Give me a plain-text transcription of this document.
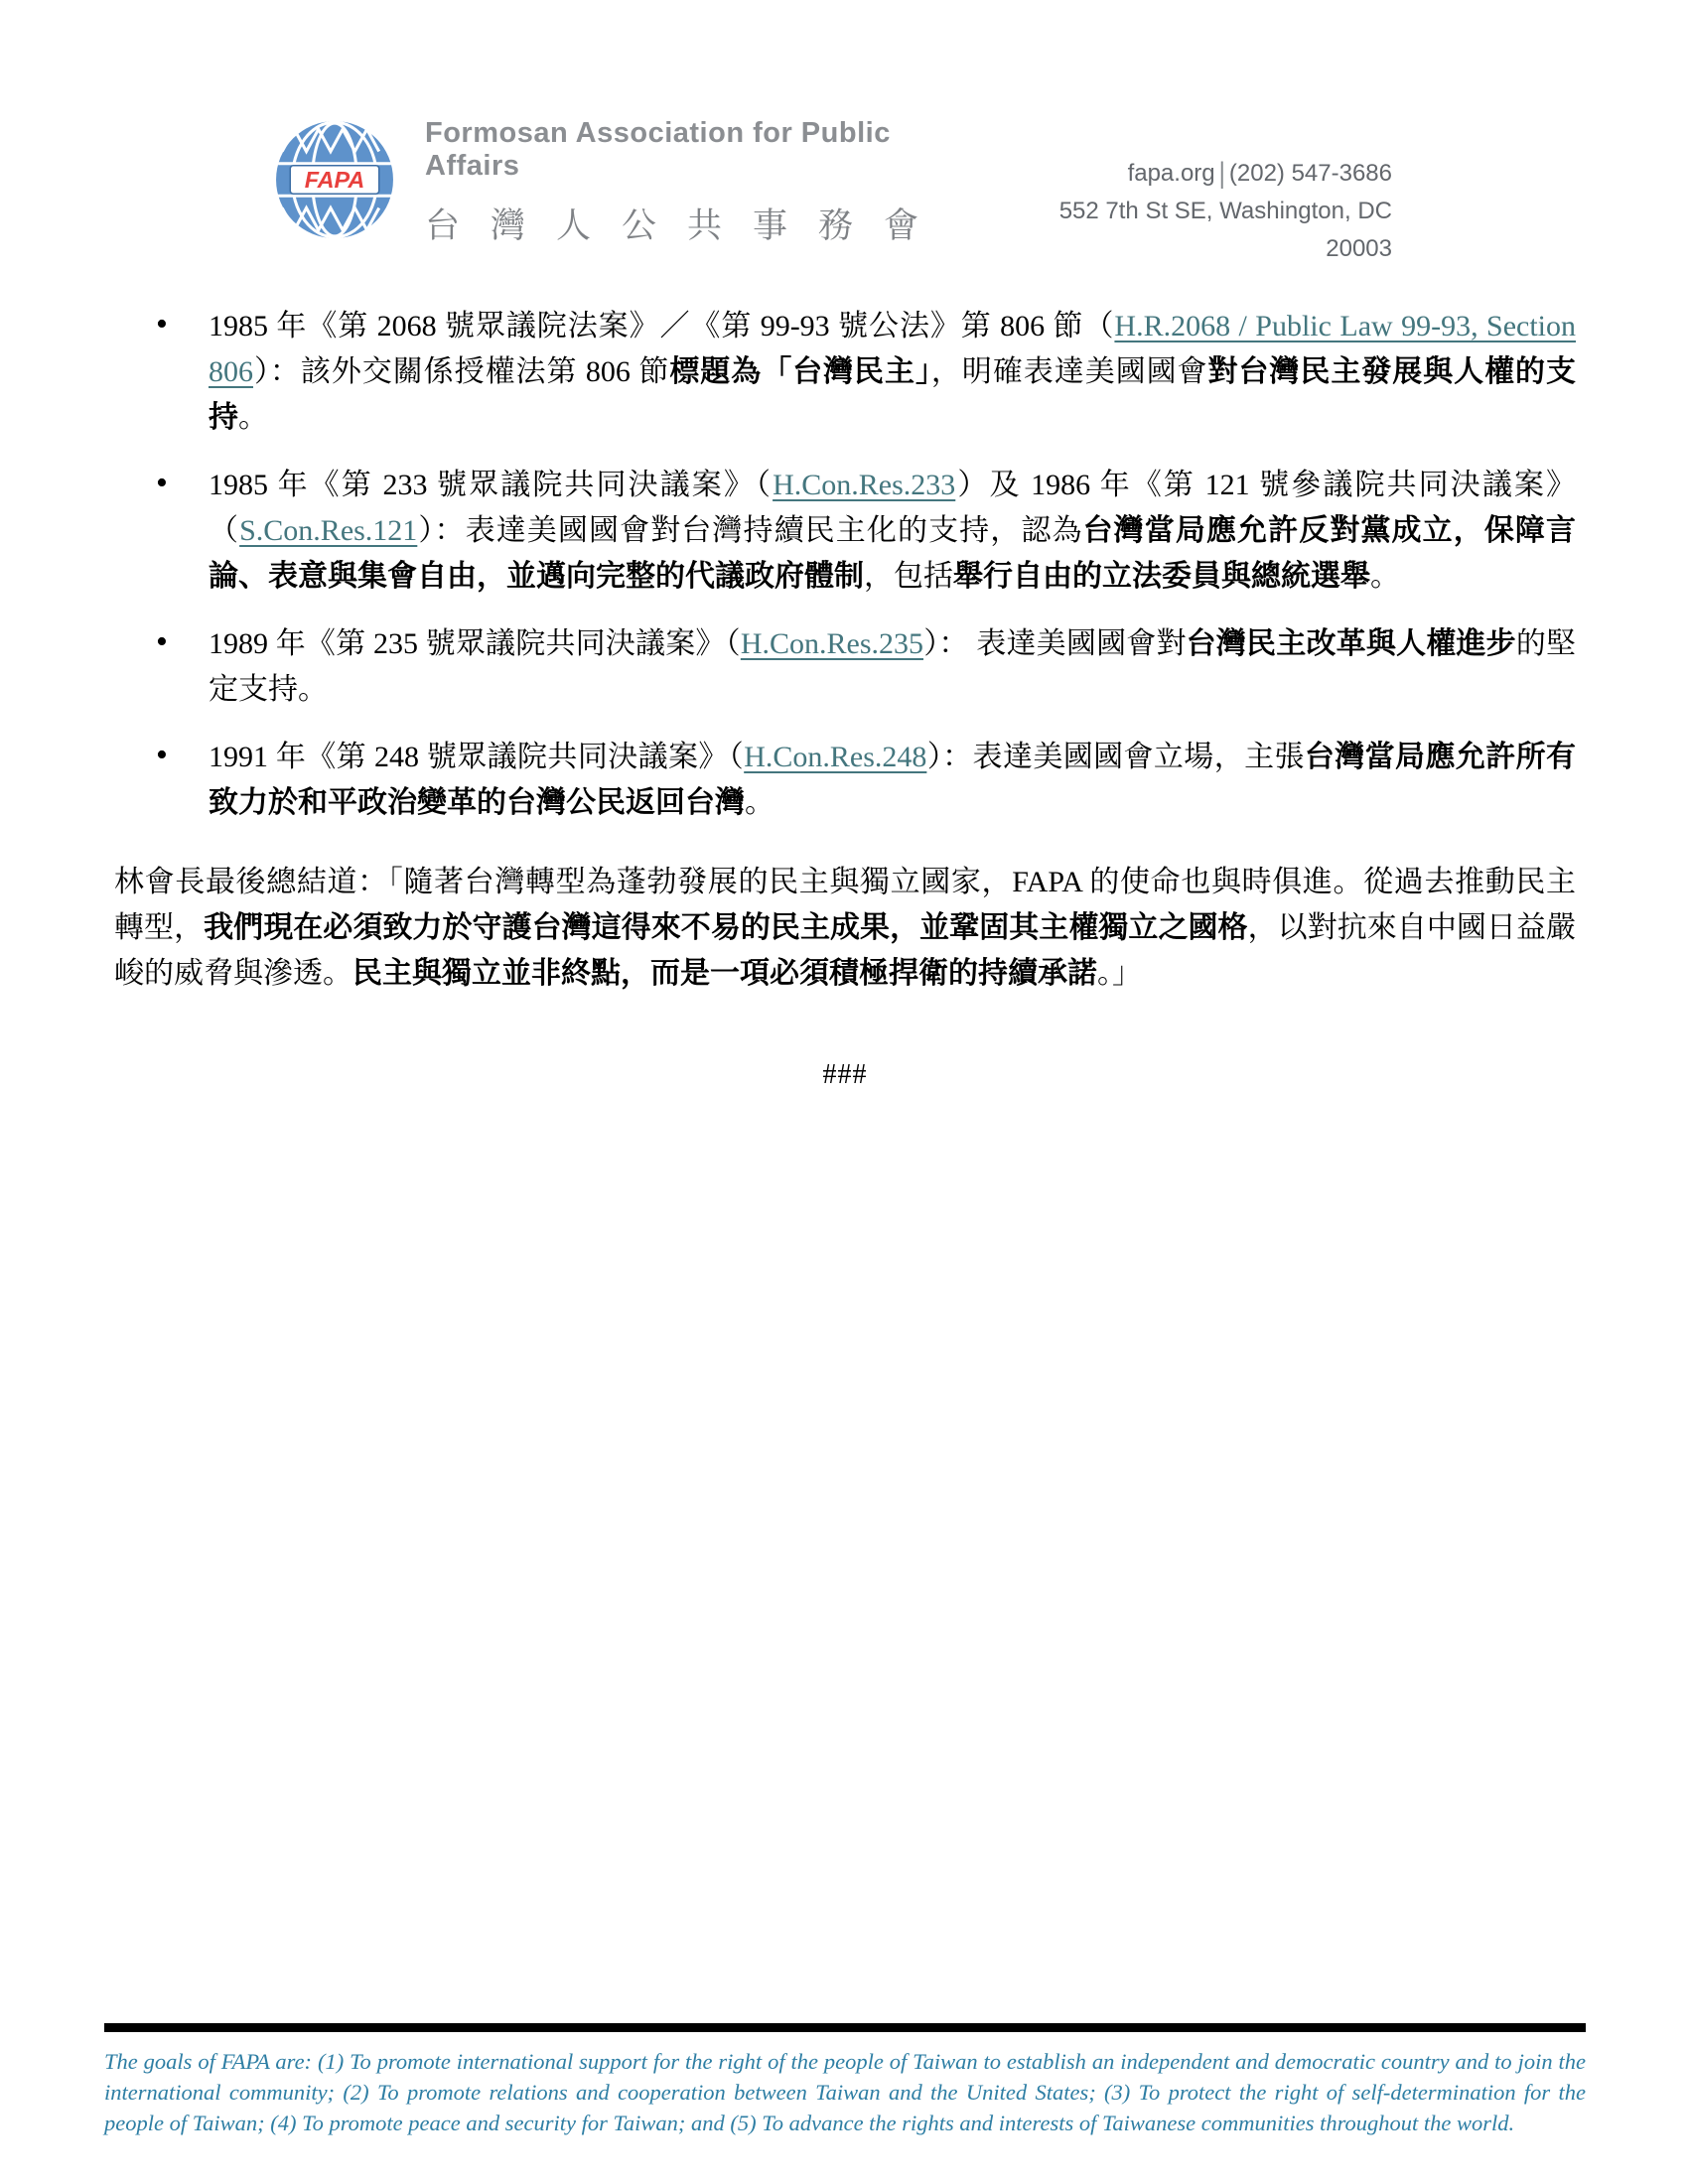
FAPA
Formosan Association for Public Affairs
台灣人公共事務會
fapa.org | (202) 547-3686
552 7th St SE, Washington, DC 20003
• 1985 年《第 2068 號眾議院法案》／《第 99-93 號公法》第 806 節（H.R.2068 / Public Law 99-93, Section 806）：該外交關係授權法第 806 節標題為「台灣民主」，明確表達美國國會對台灣民主發展與人權的支持。
• 1985 年《第 233 號眾議院共同決議案》（H.Con.Res.233）及 1986 年《第 121 號參議院共同決議案》（S.Con.Res.121）：表達美國國會對台灣持續民主化的支持，認為台灣當局應允許反對黨成立，保障言論、表意與集會自由，並邁向完整的代議政府體制，包括舉行自由的立法委員與總統選舉。
• 1989 年《第 235 號眾議院共同決議案》（H.Con.Res.235）： 表達美國國會對台灣民主改革與人權進步的堅定支持。
• 1991 年《第 248 號眾議院共同決議案》（H.Con.Res.248）：表達美國國會立場，主張台灣當局應允許所有致力於和平政治變革的台灣公民返回台灣。

林會長最後總結道：「隨著台灣轉型為蓬勃發展的民主與獨立國家，FAPA 的使命也與時俱進。從過去推動民主轉型，我們現在必須致力於守護台灣這得來不易的民主成果，並鞏固其主權獨立之國格，以對抗來自中國日益嚴峻的威脅與滲透。民主與獨立並非終點，而是一項必須積極捍衛的持續承諾。」

###

The goals of FAPA are: (1) To promote international support for the right of the people of Taiwan to establish an independent and democratic country and to join the international community; (2) To promote relations and cooperation between Taiwan and the United States; (3) To protect the right of self-determination for the people of Taiwan; (4) To promote peace and security for Taiwan; and (5) To advance the rights and interests of Taiwanese communities throughout the world.
